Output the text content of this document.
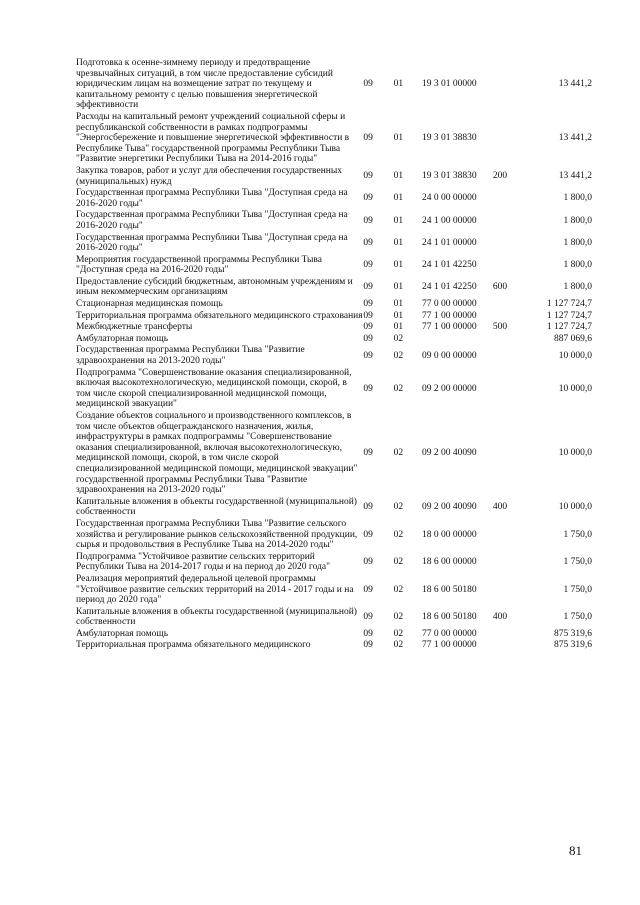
Подготовка к осенне-зимнему периоду и предотвращение чрезвычайных ситуаций, в том числе предоставление субсидий юридическим лицам на возмещение затрат по текущему и капитальному ремонту с целью повышения энергетической эффективности	09	01	19 3 01 00000		13 441,2
Расходы на капитальный ремонт учреждений социальной сферы и республиканской собственности в рамках подпрограммы "Энергосбережение и повышение энергетической эффективности в Республике Тыва" государственной программы Республики Тыва "Развитие энергетики Республики Тыва на 2014-2016 годы"	09	01	19 3 01 38830		13 441,2
Закупка товаров, работ и услуг для обеспечения государственных (муниципальных) нужд	09	01	19 3 01 38830	200	13 441,2
Государственная программа Республики Тыва "Доступная среда на 2016-2020 годы"	09	01	24 0 00 00000		1 800,0
Государственная программа Республики Тыва "Доступная среда на 2016-2020 годы"	09	01	24 1 00 00000		1 800,0
Государственная программа Республики Тыва "Доступная среда на 2016-2020 годы"	09	01	24 1 01 00000		1 800,0
Мероприятия государственной программы Республики Тыва "Доступная среда на 2016-2020 годы"	09	01	24 1 01 42250		1 800,0
Предоставление субсидий бюджетным, автономным учреждениям и иным некоммерческим организациям	09	01	24 1 01 42250	600	1 800,0
Стационарная медицинская помощь	09	01	77 0 00 00000		1 127 724,7
Территориальная программа обязательного медицинского страхования	09	01	77 1 00 00000		1 127 724,7
Межбюджетные трансферты	09	01	77 1 00 00000	500	1 127 724,7
Амбулаторная помощь	09	02			887 069,6
Государственная программа Республики Тыва "Развитие здравоохранения на 2013-2020 годы"	09	02	09 0 00 00000		10 000,0
Подпрограмма "Совершенствование оказания специализированной, включая высокотехнологическую, медицинской помощи, скорой, в том числе скорой специализированной медицинской помощи, медицинской эвакуации"	09	02	09 2 00 00000		10 000,0
Создание объектов социального и производственного комплексов, в том числе объектов общегражданского назначения, жилья, инфраструктуры в рамках подпрограммы "Совершенствование оказания специализированной, включая высокотехнологическую, медицинской помощи, скорой, в том числе скорой специализированной медицинской помощи, медицинской эвакуации" государственной программы Республики Тыва "Развитие здравоохранения на 2013-2020 годы"	09	02	09 2 00 40090		10 000,0
Капитальные вложения в объекты государственной (муниципальной) собственности	09	02	09 2 00 40090	400	10 000,0
Государственная программа Республики Тыва "Развитие сельского хозяйства и регулирование рынков сельскохозяйственной продукции, сырья и продовольствия в Республике Тыва на 2014-2020 годы"	09	02	18 0 00 00000		1 750,0
Подпрограмма "Устойчивое развитие сельских территорий Республики Тыва на 2014-2017 годы и на период до 2020 года"	09	02	18 6 00 00000		1 750,0
Реализация мероприятий федеральной целевой программы "Устойчивое развитие сельских территорий на 2014 - 2017 годы и на период до 2020 года"	09	02	18 6 00 50180		1 750,0
Капитальные вложения в объекты государственной (муниципальной) собственности	09	02	18 6 00 50180	400	1 750,0
Амбулаторная помощь	09	02	77 0 00 00000		875 319,6
Территориальная программа обязательного медицинского	09	02	77 1 00 00000		875 319,6
81
